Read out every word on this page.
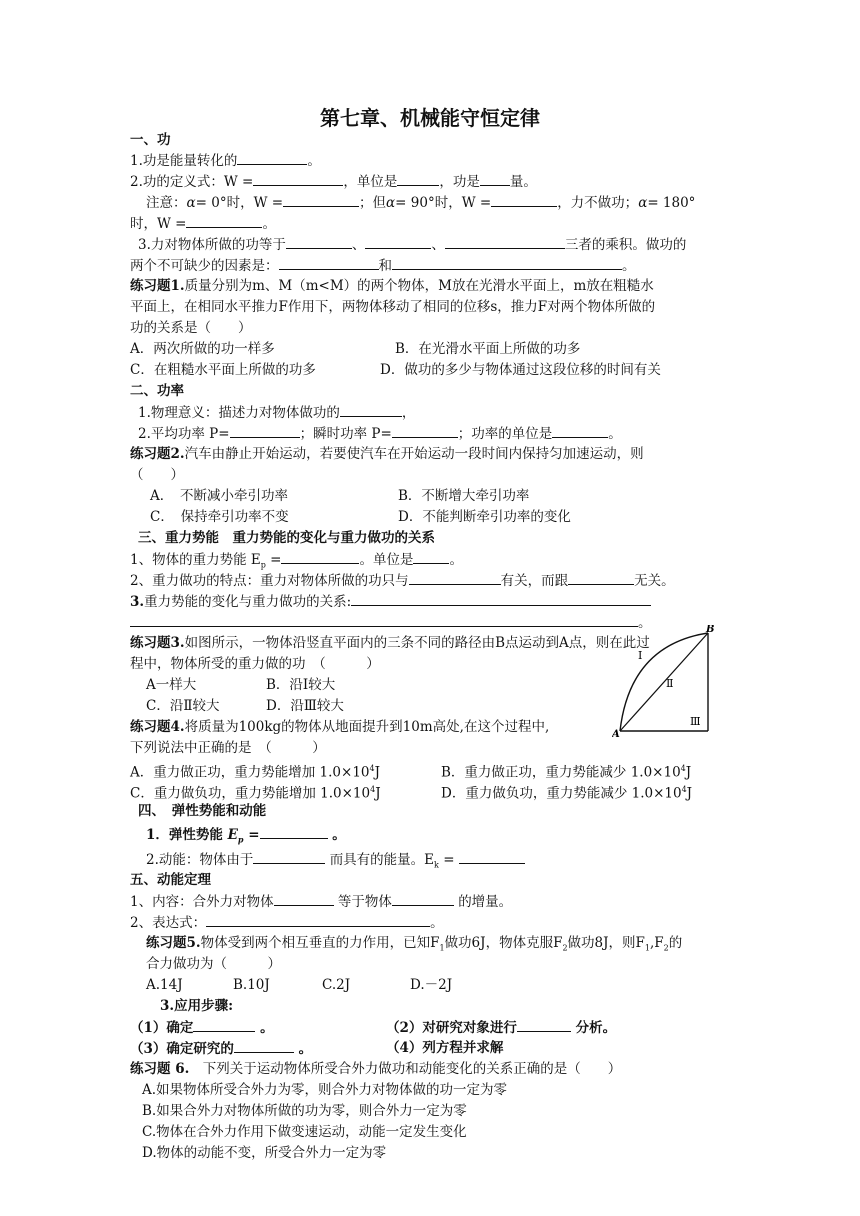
第七章、机械能守恒定律
一、功
1.功是能量转化的	。
2.功的定义式：W =	，单位是	，功是 量。
注意：α= 0°时，W =	；但α= 90°时，W =	，力不做功；α= 180°
时，W =	。
3.力对物体所做的功等于	、	、	三者的乘积。做功的
两个不可缺少的因素是：	和	。
练习题1.质量分别为m、M（m<M）的两个物体，M放在光滑水平面上，m放在粗糙水
平面上，在相同水平推力F作用下，两物体移动了相同的位移s，推力F对两个物体所做的
功的关系是（　　）
A．两次所做的功一样多	B．在光滑水平面上所做的功多
C．在粗糙水平面上所做的功多	D．做功的多少与物体通过这段位移的时间有关
二、功率
1.物理意义：描述力对物体做功的	，
2.平均功率 P=	；瞬时功率 P=	；功率的单位是	。
练习题2.汽车由静止开始运动，若要使汽车在开始运动一段时间内保持匀加速运动，则
（　　）
A．　不断减小牵引功率	B．不断增大牵引功率
C．　保持牵引功率不变	D．不能判断牵引功率的变化
三、重力势能　重力势能的变化与重力做功的关系
1、物体的重力势能 $E_p$ =	。单位是	。
2、重力做功的特点：重力对物体所做的功只与	有关，而跟	无关。
3.重力势能的变化与重力做功的关系:
。
练习题3.如图所示，一物体沿竖直平面内的三条不同的路径由B点运动到A点，则在此过
程中，物体所受的重力做的功　（　　　）
A一样大	B．沿Ⅰ较大
C．沿Ⅱ较大	D．沿Ⅲ较大
B
A
Ⅰ
Ⅱ
Ⅲ
练习题4.将质量为100kg的物体从地面提升到10m高处,在这个过程中,
下列说法中正确的是　（　　　）
A．重力做正功，重力势能增加 $1.0\times 10^4J$	B．重力做正功，重力势能减少 $1.0\times 10^4J$
C．重力做负功，重力势能增加 $1.0\times 10^4J$	D．重力做负功，重力势能减少 $1.0\times 10^4J$
四、　弹性势能和动能
1．弹性势能 $E_p$ =	。
2.动能：物体由于	而具有的能量。$E_k$ =
五、动能定理
1、内容：合外力对物体	等于物体	的增量。
2、表达式：	。
练习题5.物体受到两个相互垂直的力作用，已知$F_1$做功6J，物体克服$F_2$做功8J，则$F_1,F_2$的
合力做功为（　　　）
A.14J	B.10J	C.2J	D.－2J
3.应用步骤:
（1）确定	。	（2）对研究对象进行	分析。
（3）确定研究的	。	（4）列方程并求解
练习题 6.　 下列关于运动物体所受合外力做功和动能变化的关系正确的是（　　）
A.如果物体所受合外力为零，则合外力对物体做的功一定为零
B.如果合外力对物体所做的功为零，则合外力一定为零
C.物体在合外力作用下做变速运动，动能一定发生变化
D.物体的动能不变，所受合外力一定为零
